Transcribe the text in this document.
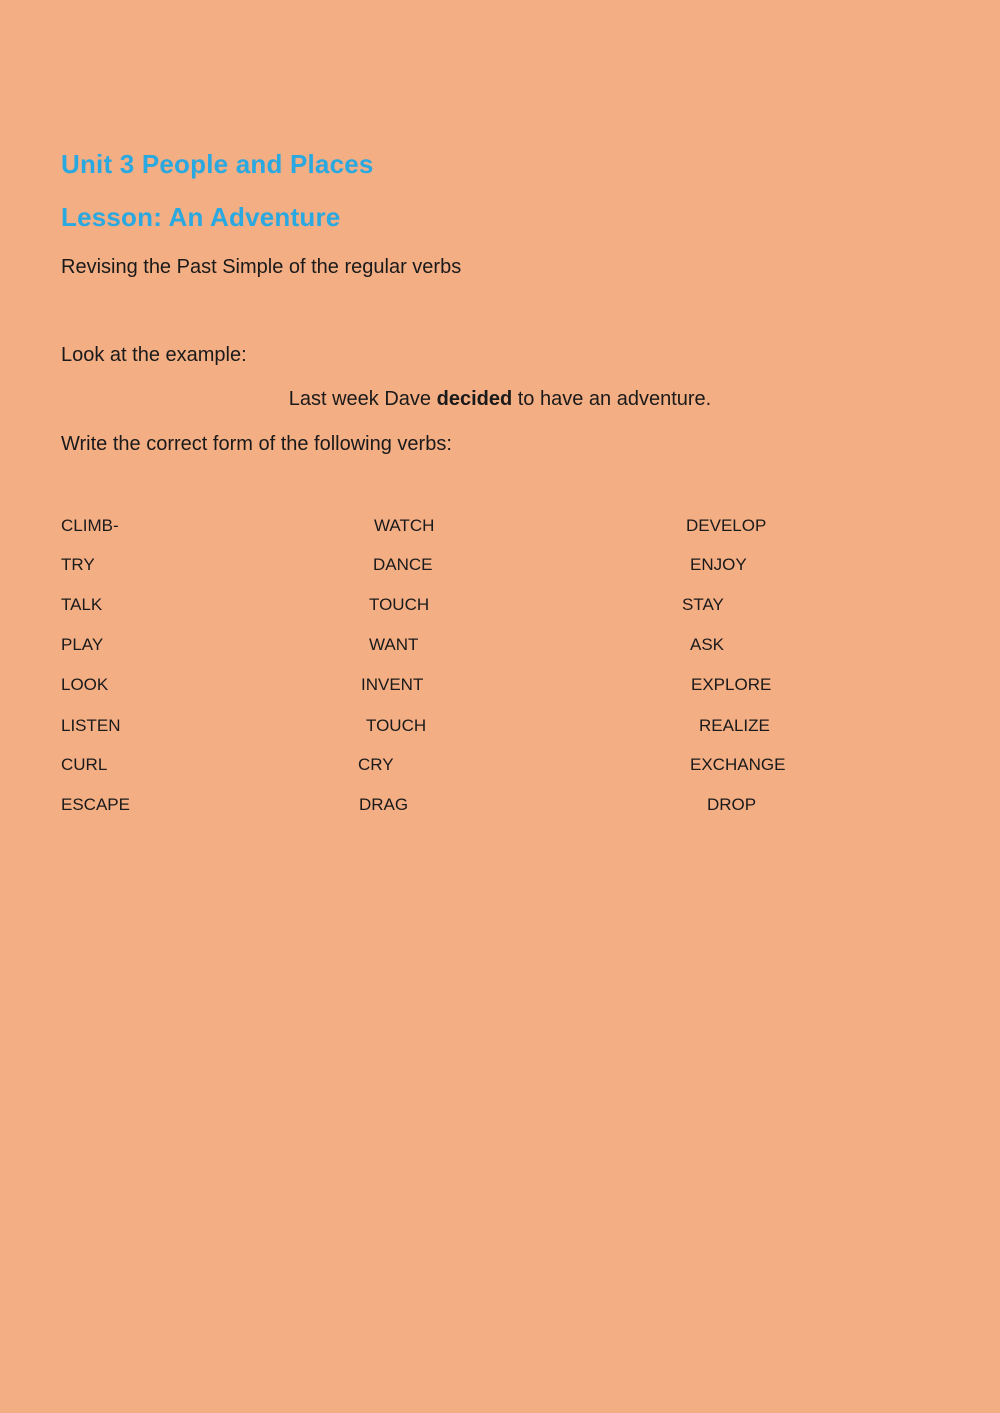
Unit 3 People and Places
Lesson: An Adventure

Revising the Past Simple of the regular verbs

Look at the example:

Last week Dave decided to have an adventure.

Write the correct form of the following verbs:

CLIMB-
TRY
TALK
PLAY
LOOK
LISTEN
CURL
ESCAPE
WATCH
DANCE
TOUCH
WANT
INVENT
TOUCH
CRY
DRAG
DEVELOP
ENJOY
STAY
ASK
EXPLORE
REALIZE
EXCHANGE
DROP
